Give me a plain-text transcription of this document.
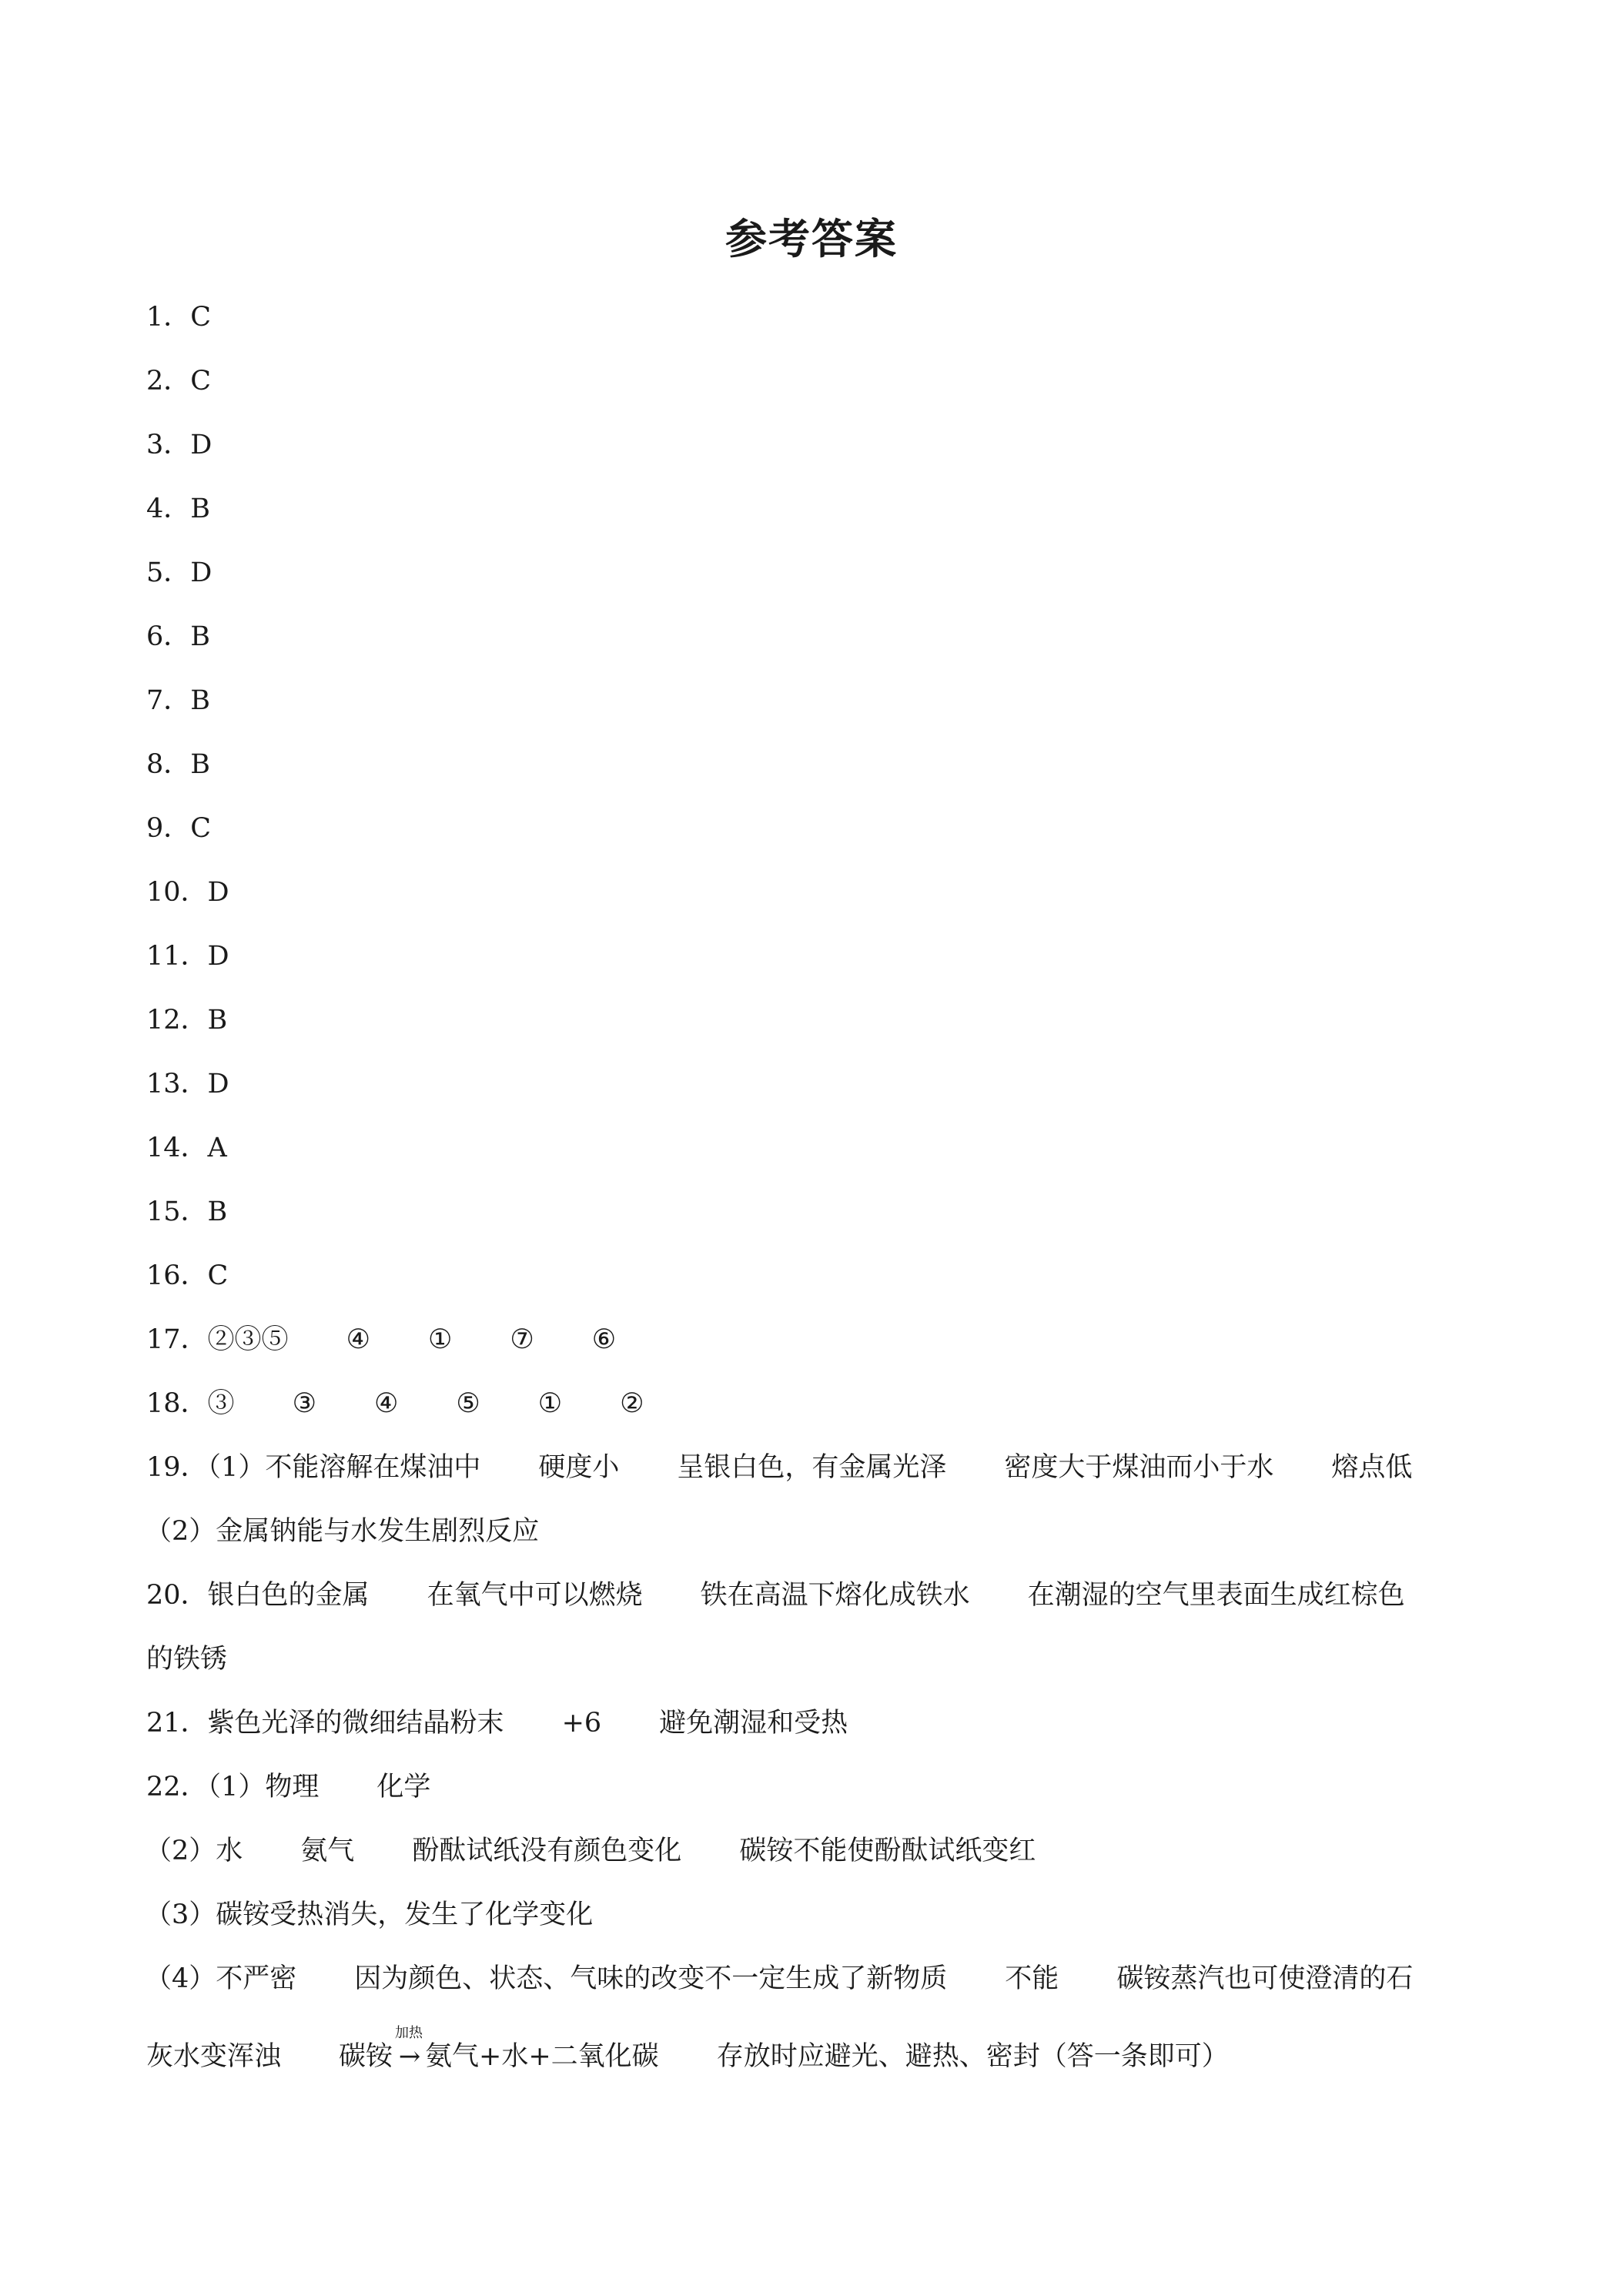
参考答案
1．C
2．C
3．D
4．B
5．D
6．B
7．B
8．B
9．C
10．D
11．D
12．B
13．D
14．A
15．B
16．C
17．②③⑤ ④ ① ⑦ ⑥
18．③ ③ ④ ⑤ ① ②
19．（1）不能溶解在煤油中 硬度小 呈银白色，有金属光泽 密度大于煤油而小于水 熔点低
（2）金属钠能与水发生剧烈反应
20．银白色的金属 在氧气中可以燃烧 铁在高温下熔化成铁水 在潮湿的空气里表面生成红棕色
的铁锈
21．紫色光泽的微细结晶粉末 +6 避免潮湿和受热
22．（1）物理 化学
（2）水 氨气 酚酞试纸没有颜色变化 碳铵不能使酚酞试纸变红
（3）碳铵受热消失，发生了化学变化
（4）不严密 因为颜色、状态、气味的改变不一定生成了新物质 不能 碳铵蒸汽也可使澄清的石
灰水变浑浊 碳铵
加热
→ 氨气+水+二氧化碳 存放时应避光、避热、密封（答一条即可）
